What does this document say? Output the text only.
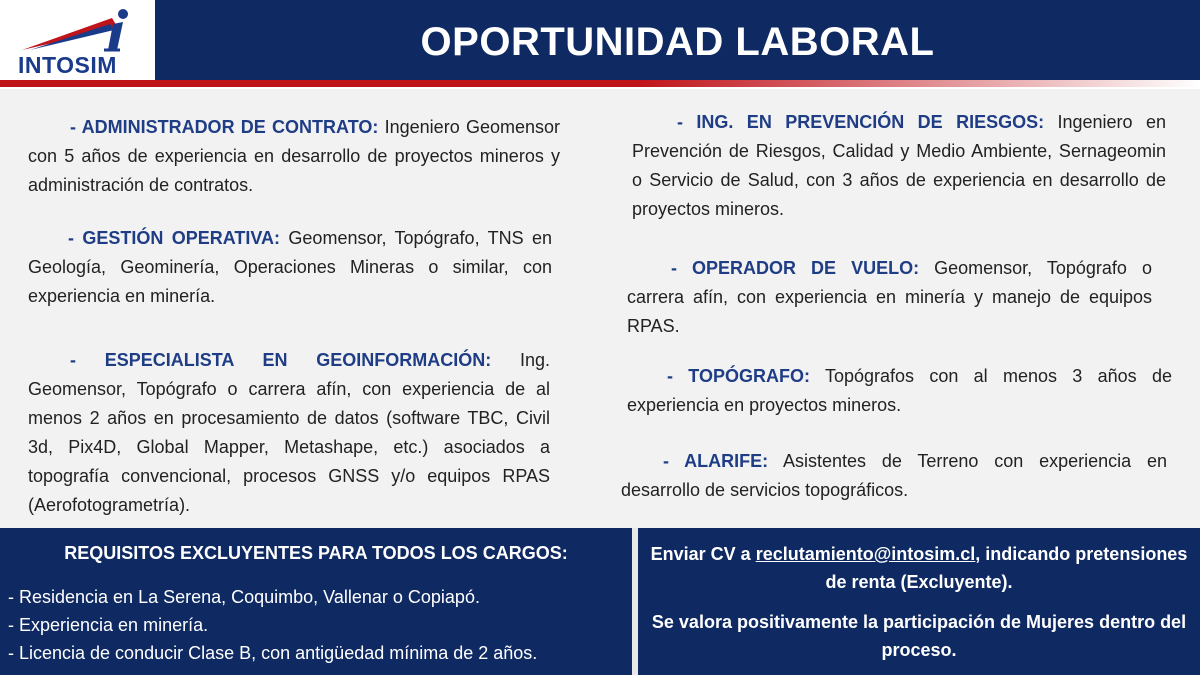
INTOSIM
OPORTUNIDAD LABORAL
- ADMINISTRADOR DE CONTRATO: Ingeniero Geomensor con 5 años de experiencia en desarrollo de proyectos mineros y administración de contratos.
- GESTIÓN OPERATIVA: Geomensor, Topógrafo, TNS en Geología, Geominería, Operaciones Mineras o similar, con experiencia en minería.
- ESPECIALISTA EN GEOINFORMACIÓN: Ing. Geomensor, Topógrafo o carrera afín, con experiencia de al menos 2 años en procesamiento de datos (software TBC, Civil 3d, Pix4D, Global Mapper, Metashape, etc.) asociados a topografía convencional, procesos GNSS y/o equipos RPAS (Aerofotogrametría).
- ING. EN PREVENCIÓN DE RIESGOS: Ingeniero en Prevención de Riesgos, Calidad y Medio Ambiente, Sernageomin o Servicio de Salud, con 3 años de experiencia en desarrollo de proyectos mineros.
- OPERADOR DE VUELO: Geomensor, Topógrafo o carrera afín, con experiencia en minería y manejo de equipos RPAS.
- TOPÓGRAFO: Topógrafos con al menos 3 años de experiencia en proyectos mineros.
- ALARIFE: Asistentes de Terreno con experiencia en desarrollo de servicios topográficos.
REQUISITOS EXCLUYENTES PARA TODOS LOS CARGOS:
- Residencia en La Serena, Coquimbo, Vallenar o Copiapó.
- Experiencia en minería.
- Licencia de conducir Clase B, con antigüedad mínima de 2 años.
Enviar CV a reclutamiento@intosim.cl, indicando pretensiones de renta (Excluyente).
Se valora positivamente la participación de Mujeres dentro del proceso.
